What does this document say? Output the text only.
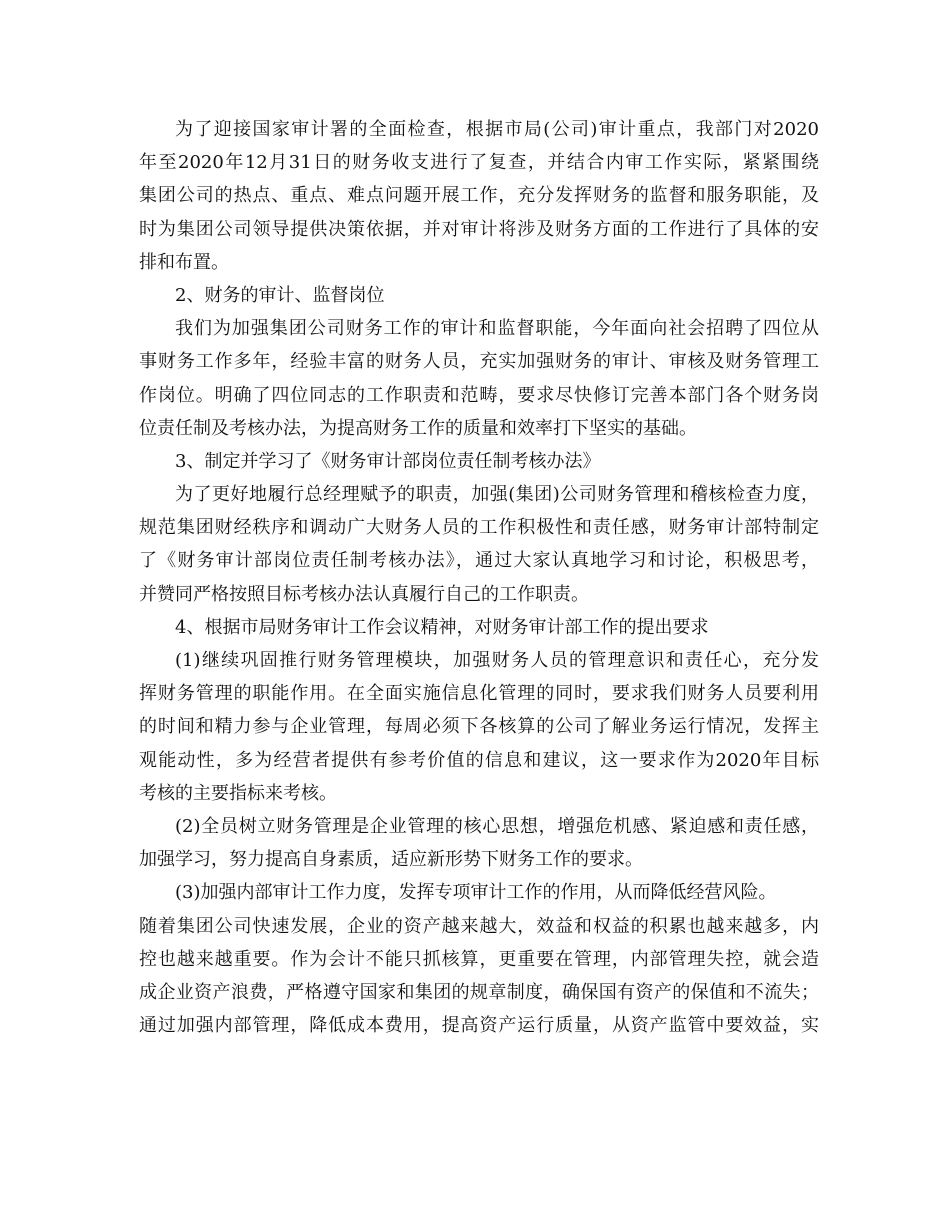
为了迎接国家审计署的全面检查，根据市局(公司)审计重点，我部门对2020
年至2020年12月31日的财务收支进行了复查，并结合内审工作实际，紧紧围绕
集团公司的热点、重点、难点问题开展工作，充分发挥财务的监督和服务职能，及
时为集团公司领导提供决策依据，并对审计将涉及财务方面的工作进行了具体的安
排和布置。
2、财务的审计、监督岗位
我们为加强集团公司财务工作的审计和监督职能，今年面向社会招聘了四位从
事财务工作多年，经验丰富的财务人员，充实加强财务的审计、审核及财务管理工
作岗位。明确了四位同志的工作职责和范畴，要求尽快修订完善本部门各个财务岗
位责任制及考核办法，为提高财务工作的质量和效率打下坚实的基础。
3、制定并学习了《财务审计部岗位责任制考核办法》
为了更好地履行总经理赋予的职责，加强(集团)公司财务管理和稽核检查力度，
规范集团财经秩序和调动广大财务人员的工作积极性和责任感，财务审计部特制定
了《财务审计部岗位责任制考核办法》，通过大家认真地学习和讨论，积极思考，
并赞同严格按照目标考核办法认真履行自己的工作职责。
4、根据市局财务审计工作会议精神，对财务审计部工作的提出要求
(1)继续巩固推行财务管理模块，加强财务人员的管理意识和责任心，充分发
挥财务管理的职能作用。在全面实施信息化管理的同时，要求我们财务人员要利用
的时间和精力参与企业管理，每周必须下各核算的公司了解业务运行情况，发挥主
观能动性，多为经营者提供有参考价值的信息和建议，这一要求作为2020年目标
考核的主要指标来考核。
(2)全员树立财务管理是企业管理的核心思想，增强危机感、紧迫感和责任感，
加强学习，努力提高自身素质，适应新形势下财务工作的要求。
(3)加强内部审计工作力度，发挥专项审计工作的作用，从而降低经营风险。
随着集团公司快速发展，企业的资产越来越大，效益和权益的积累也越来越多，内
控也越来越重要。作为会计不能只抓核算，更重要在管理，内部管理失控，就会造
成企业资产浪费，严格遵守国家和集团的规章制度，确保国有资产的保值和不流失；
通过加强内部管理，降低成本费用，提高资产运行质量，从资产监管中要效益，实
